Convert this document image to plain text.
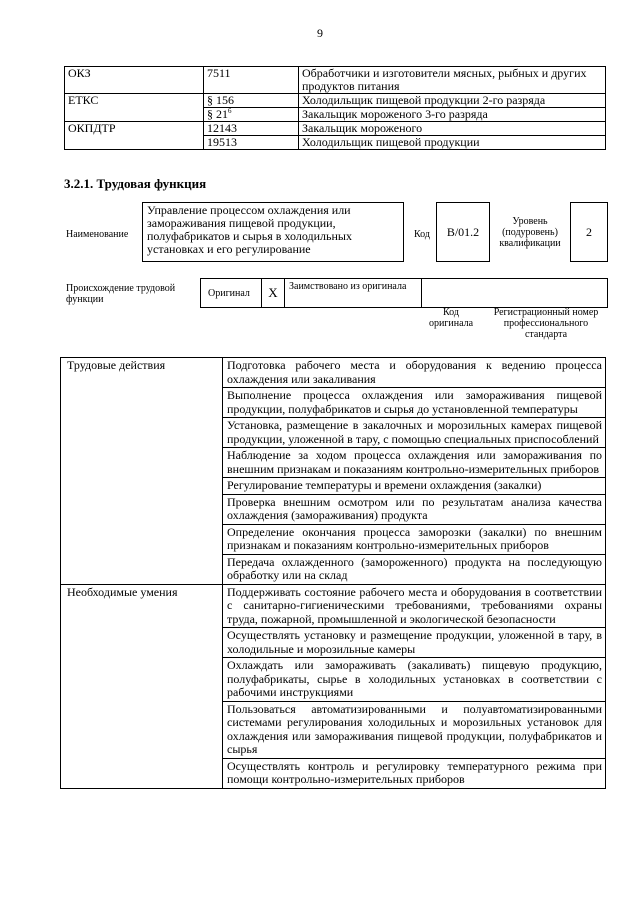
9
ОКЗ	7511	Обработчики и изготовители мясных, рыбных и других продуктов питания
ЕТКС	§ 156	Холодильщик пищевой продукции 2-го разряда
	§ $21^6$	Закальщик мороженого 3-го разряда
ОКПДТР	12143	Закальщик мороженого
	19513	Холодильщик пищевой продукции
3.2.1. Трудовая функция
Наименование
Управление процессом охлаждения или замораживания пищевой продукции, полуфабрикатов и сырья в холодильных установках и его регулирование
Код	B/01.2
Уровень (подуровень) квалификации
2
Происхождение трудовой функции
Оригинал	X	Заимствовано из оригинала
Код оригинала
Регистрационный номер профессионального стандарта
Трудовые действия	Подготовка рабочего места и оборудования к ведению процесса охлаждения или закаливания
	Выполнение процесса охлаждения или замораживания пищевой продукции, полуфабрикатов и сырья до установленной температуры
	Установка, размещение в закалочных и морозильных камерах пищевой продукции, уложенной в тару, с помощью специальных приспособлений
	Наблюдение за ходом процесса охлаждения или замораживания по внешним признакам и показаниям контрольно-измерительных приборов
	Регулирование температуры и времени охлаждения (закалки)
	Проверка внешним осмотром или по результатам анализа качества охлаждения (замораживания) продукта
	Определение окончания процесса заморозки (закалки) по внешним признакам и показаниям контрольно-измерительных приборов
	Передача охлажденного (замороженного) продукта на последующую обработку или на склад
Необходимые умения	Поддерживать состояние рабочего места и оборудования в соответствии с санитарно-гигиеническими требованиями, требованиями охраны труда, пожарной, промышленной и экологической безопасности
	Осуществлять установку и размещение продукции, уложенной в тару, в холодильные и морозильные камеры
	Охлаждать или замораживать (закаливать) пищевую продукцию, полуфабрикаты, сырье в холодильных установках в соответствии с рабочими инструкциями
	Пользоваться автоматизированными и полуавтоматизированными системами регулирования холодильных и морозильных установок для охлаждения или замораживания пищевой продукции, полуфабрикатов и сырья
	Осуществлять контроль и регулировку температурного режима при помощи контрольно-измерительных приборов
